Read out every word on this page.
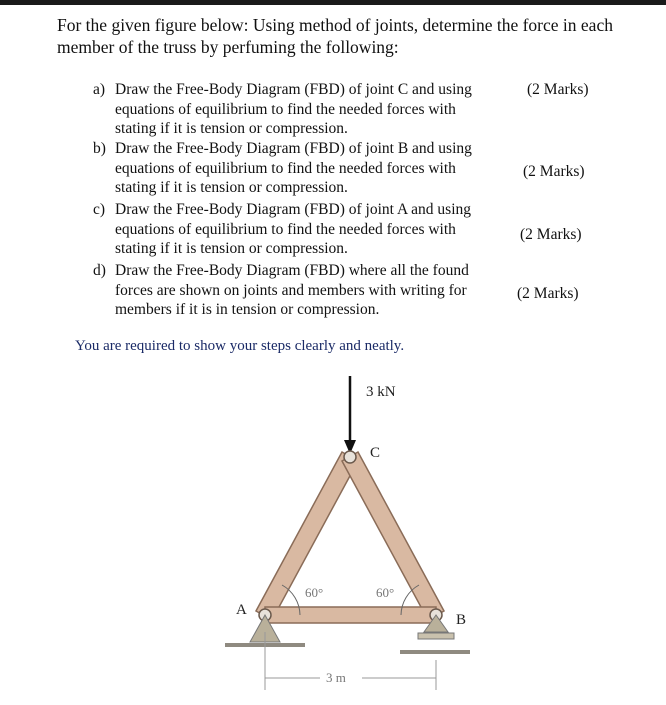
For the given figure below: Using method of joints, determine the force in each
member of the truss by perfuming the following:
a) Draw the Free-Body Diagram (FBD) of joint C and using
equations of equilibrium to find the needed forces with
stating if it is tension or compression.
(2 Marks)
b) Draw the Free-Body Diagram (FBD) of joint B and using
equations of equilibrium to find the needed forces with
stating if it is tension or compression.
(2 Marks)
c) Draw the Free-Body Diagram (FBD) of joint A and using
equations of equilibrium to find the needed forces with
stating if it is tension or compression.
(2 Marks)
d) Draw the Free-Body Diagram (FBD) where all the found
forces are shown on joints and members with writing for
members if it is in tension or compression.
(2 Marks)
You are required to show your steps clearly and neatly.
3 kN
C
A
B
60°	60°
3 m
